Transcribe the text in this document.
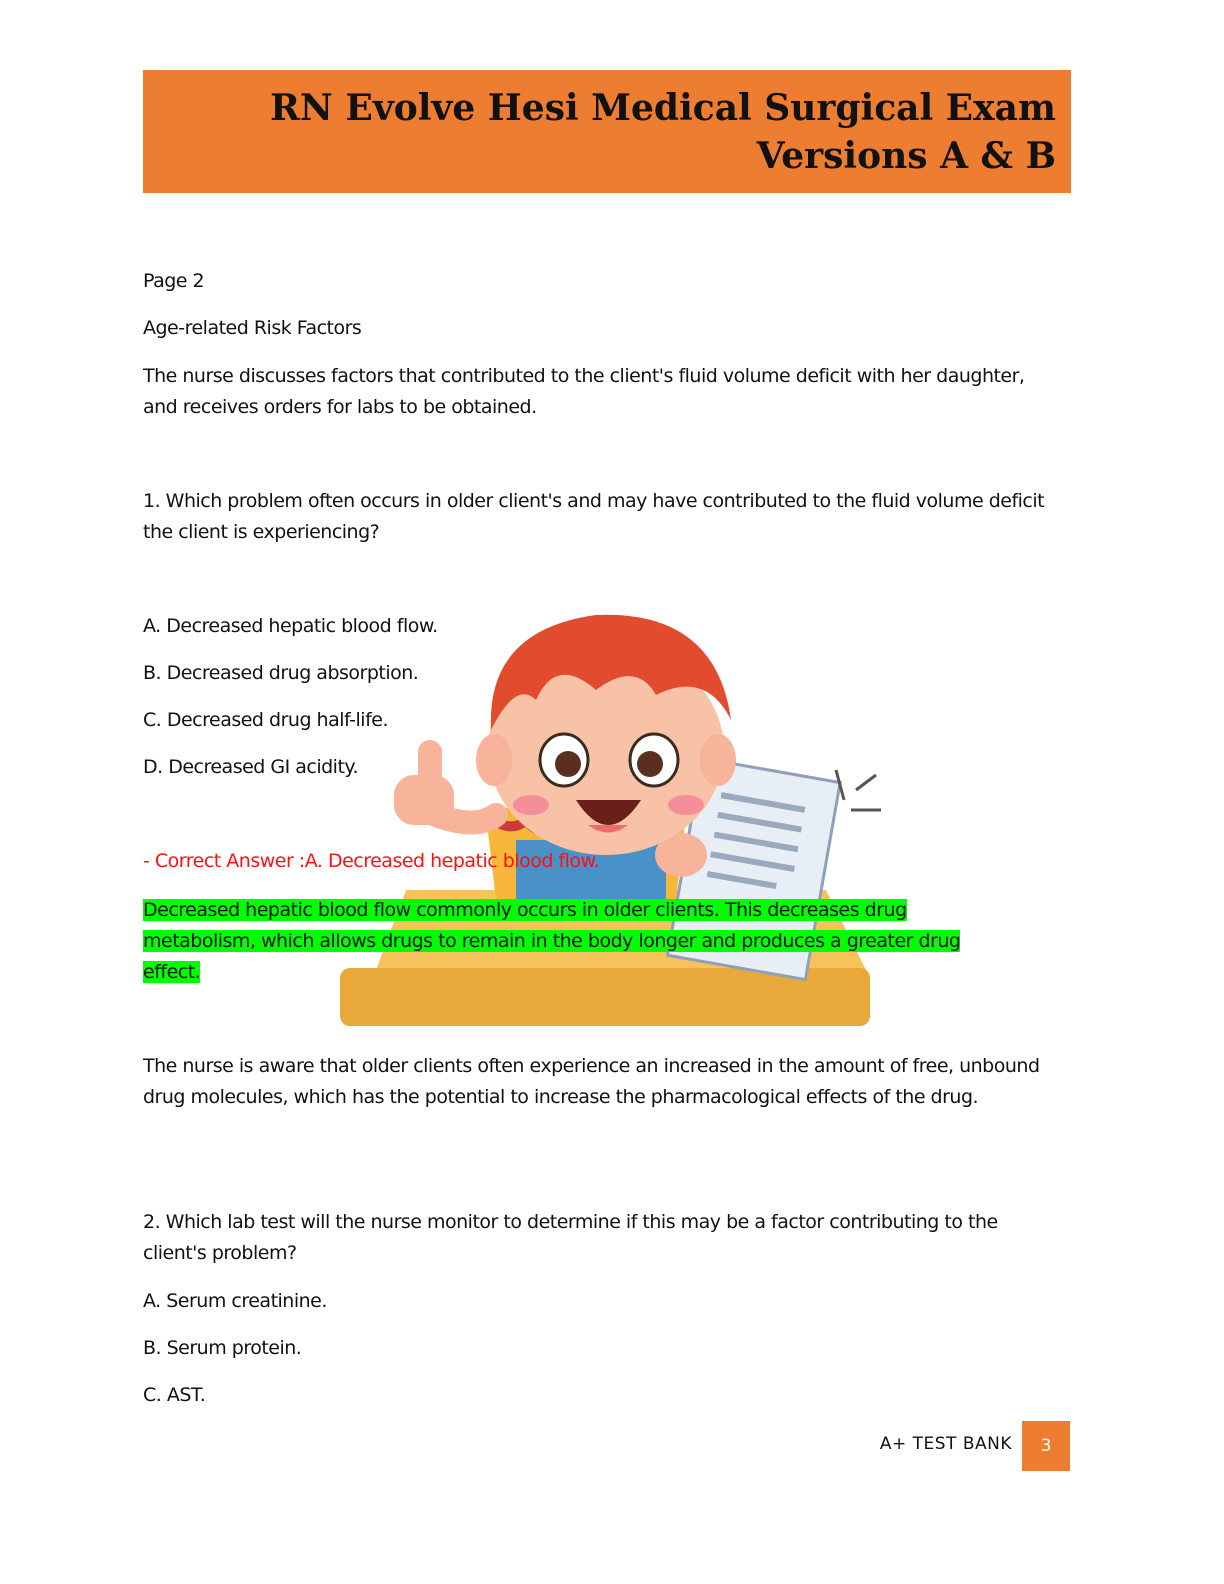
RN Evolve Hesi Medical Surgical Exam
Versions A & B

Page 2

Age-related Risk Factors

The nurse discusses factors that contributed to the client's fluid volume deficit with her daughter, and receives orders for labs to be obtained.

1. Which problem often occurs in older client's and may have contributed to the fluid volume deficit the client is experiencing?

A. Decreased hepatic blood flow.

B. Decreased drug absorption.

C. Decreased drug half-life.

D. Decreased GI acidity.

- Correct Answer :A. Decreased hepatic blood flow.

Decreased hepatic blood flow commonly occurs in older clients. This decreases drug
metabolism, which allows drugs to remain in the body longer and produces a greater drug
effect.

The nurse is aware that older clients often experience an increased in the amount of free, unbound drug molecules, which has the potential to increase the pharmacological effects of the drug.

2. Which lab test will the nurse monitor to determine if this may be a factor contributing to the client's problem?

A. Serum creatinine.

B. Serum protein.

C. AST.

A+ TEST BANK	3
